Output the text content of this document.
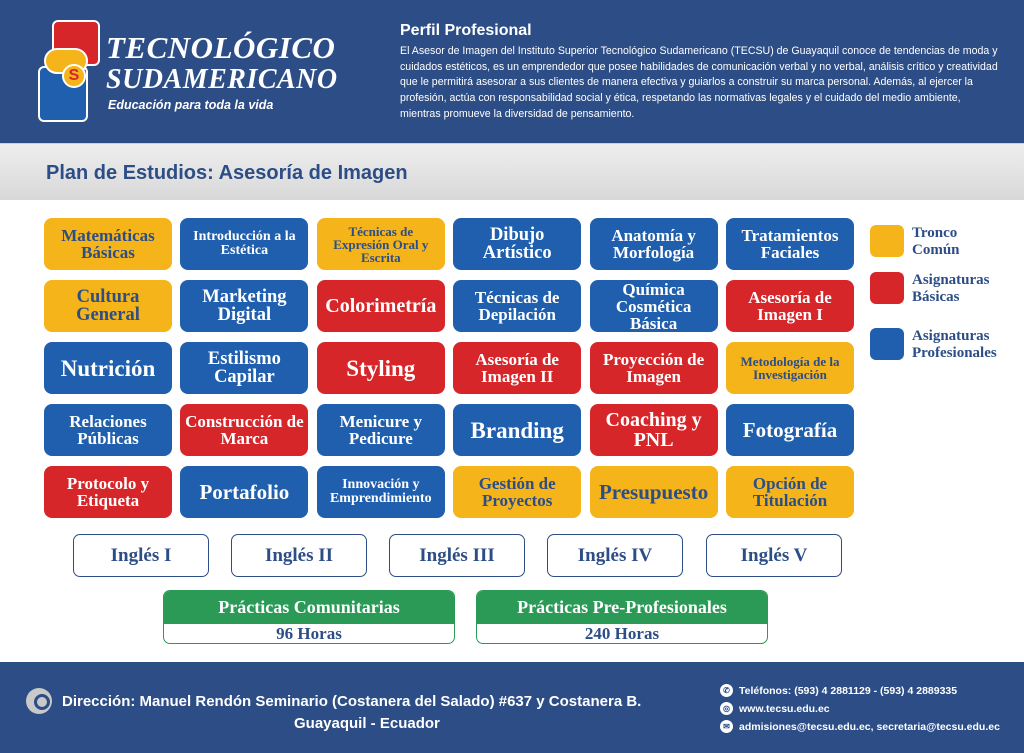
S
TECNOLÓGICO
SUDAMERICANO
Educación para toda la vida
Perfil Profesional
El Asesor de Imagen del Instituto Superior Tecnológico Sudamericano (TECSU) de Guayaquil conoce de tendencias de moda y cuidados estéticos, es un emprendedor que posee habilidades de comunicación verbal y no verbal, análisis crítico y creatividad que le permitirá asesorar a sus clientes de manera efectiva y guiarlos a construir su marca personal. Además, al ejercer la profesión, actúa con responsabilidad social y ética, respetando las normativas legales y el cuidado del medio ambiente, mientras promueve la diversidad de pensamiento.
Plan de Estudios: Asesoría de Imagen
Matemáticas Básicas
Introducción a la Estética
Técnicas de Expresión Oral y Escrita
Dibujo Artístico
Anatomía y Morfología
Tratamientos Faciales
Cultura General
Marketing Digital	Colorimetría	Técnicas de Depilación
Química Cosmética Básica
Asesoría de Imagen I
Nutrición	Estilismo Capilar	Styling	Asesoría de Imagen II
Proyección de Imagen
Metodología de la Investigación
Relaciones Públicas
Construcción de Marca
Menicure y Pedicure	Branding	Coaching y PNL	Fotografía
Protocolo y Etiqueta	Portafolio	Innovación y Emprendimiento
Gestión de Proyectos	Presupuesto	Opción de Titulación
Tronco
Común
Asignaturas
Básicas
Asignaturas
Profesionales
Inglés I	Inglés II	Inglés III	Inglés IV	Inglés V
Prácticas Comunitarias
96 Horas
Prácticas Pre-Profesionales
240 Horas
Dirección: Manuel Rendón Seminario (Costanera del Salado) #637 y Costanera B.
Guayaquil - Ecuador
✆ Teléfonos: (593) 4 2881129 - (593) 4 2889335
◎ www.tecsu.edu.ec
✉ admisiones@tecsu.edu.ec, secretaria@tecsu.edu.ec
